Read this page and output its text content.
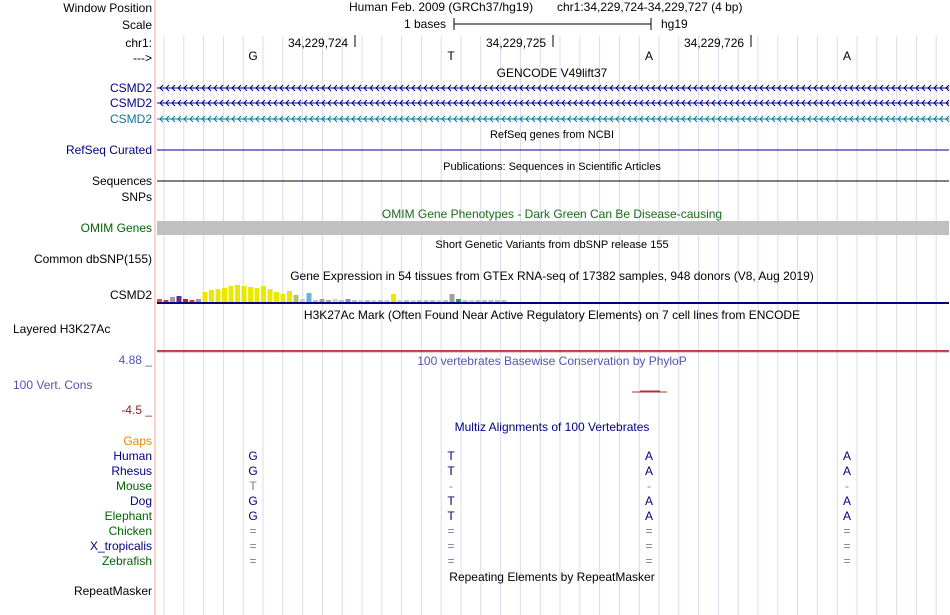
Window Position
Scale
chr1:
--->
Human Feb. 2009 (GRCh37/hg19) chr1:34,229,724-34,229,727 (4 bp)
1 bases	hg19
34,229,724	34,229,725	34,229,726
G	T	A	A
GENCODE V49lift37
CSMD2
CSMD2
CSMD2
RefSeq genes from NCBI
RefSeq Curated
Publications: Sequences in Scientific Articles
Sequences
SNPs
OMIM Gene Phenotypes - Dark Green Can Be Disease-causing
OMIM Genes
Short Genetic Variants from dbSNP release 155
Common dbSNP(155)
Gene Expression in 54 tissues from GTEx RNA-seq of 17382 samples, 948 donors (V8, Aug 2019)
CSMD2
H3K27Ac Mark (Often Found Near Active Regulatory Elements) on 7 cell lines from ENCODE
Layered H3K27Ac
100 vertebrates Basewise Conservation by PhyloP
4.88 _
100 Vert. Cons
-4.5 _
Multiz Alignments of 100 Vertebrates
Gaps
Human	G	T	A	A
Rhesus	G	T	A	A
Mouse	T	-	-	-
Dog	G	T	A	A
Elephant	G	T	A	A
Chicken	=	=	=	=
X_tropicalis	=	=	=	=
Zebrafish	=	=	=	=
Repeating Elements by RepeatMasker
RepeatMasker
